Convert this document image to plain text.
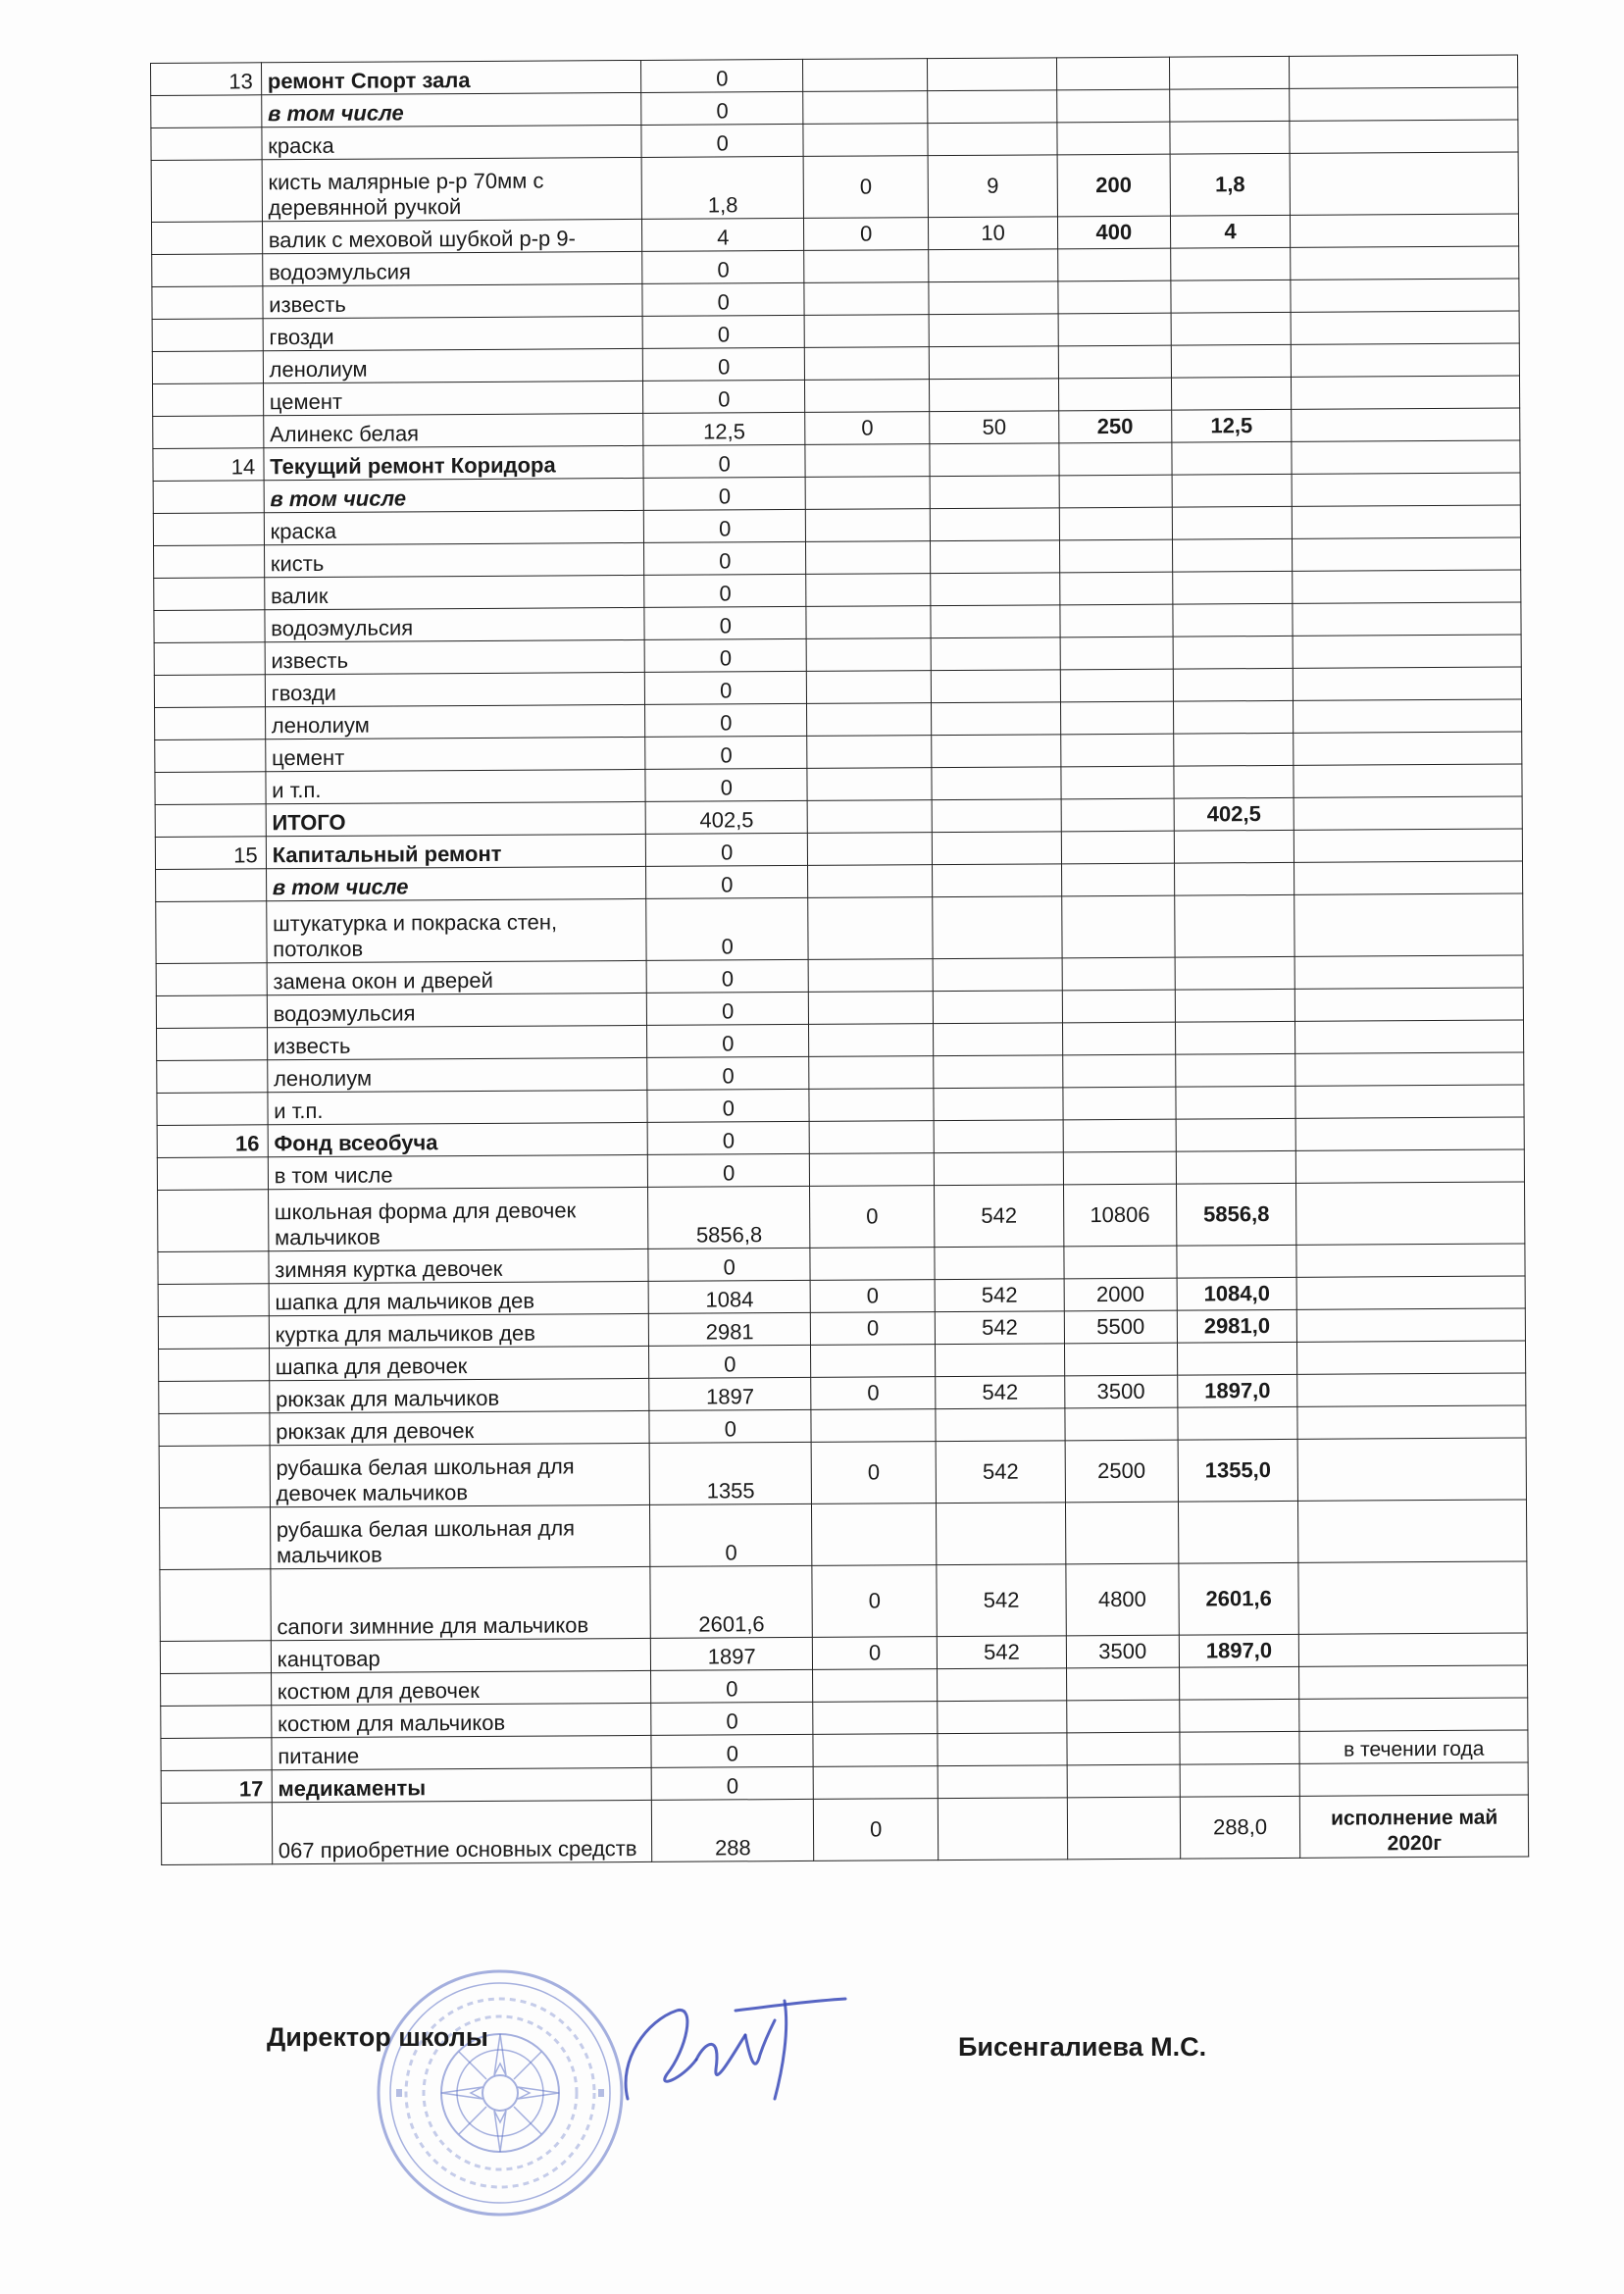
13	ремонт Спорт зала	0					
	в том числе	0					
	краска	0					
	кисть малярные р-р 70мм с деревянной ручкой	1,8	0	9	200	1,8	
	валик с меховой шубкой р-р 9-	4	0	10	400	4	
	водоэмульсия	0					
	известь	0					
	гвозди	0					
	ленолиум	0					
	цемент	0					
	Алинекс белая	12,5	0	50	250	12,5	
14	Текущий ремонт Коридора	0					
	в том числе	0					
	краска	0					
	кисть	0					
	валик	0					
	водоэмульсия	0					
	известь	0					
	гвозди	0					
	ленолиум	0					
	цемент	0					
	и т.п.	0					
	ИТОГО	402,5				402,5	
15	Капитальный ремонт	0					
	в том числе	0					
	штукатурка и покраска стен, потолков	0					
	замена окон и дверей	0					
	водоэмульсия	0					
	известь	0					
	ленолиум	0					
	и т.п.	0					
16	Фонд всеобуча	0					
	в том числе	0					
	школьная форма для девочек мальчиков	5856,8	0	542	10806	5856,8	
	зимняя куртка девочек	0					
	шапка для мальчиков дев	1084	0	542	2000	1084,0	
	куртка для мальчиков дев	2981	0	542	5500	2981,0	
	шапка для девочек	0					
	рюкзак для мальчиков	1897	0	542	3500	1897,0	
	рюкзак для девочек	0					
	рубашка белая школьная для девочек мальчиков	1355	0	542	2500	1355,0	
	рубашка белая школьная для мальчиков	0					
	сапоги зимнние для мальчиков	2601,6	0	542	4800	2601,6	
	канцтовар	1897	0	542	3500	1897,0	
	костюм для девочек	0					
	костюм для мальчиков	0					
	питание	0					в течении года
17	медикаменты	0					
	067 приобретние основных средств	288	0			288,0	исполнение май 2020г
Директор школы	Бисенгалиева М.С.
